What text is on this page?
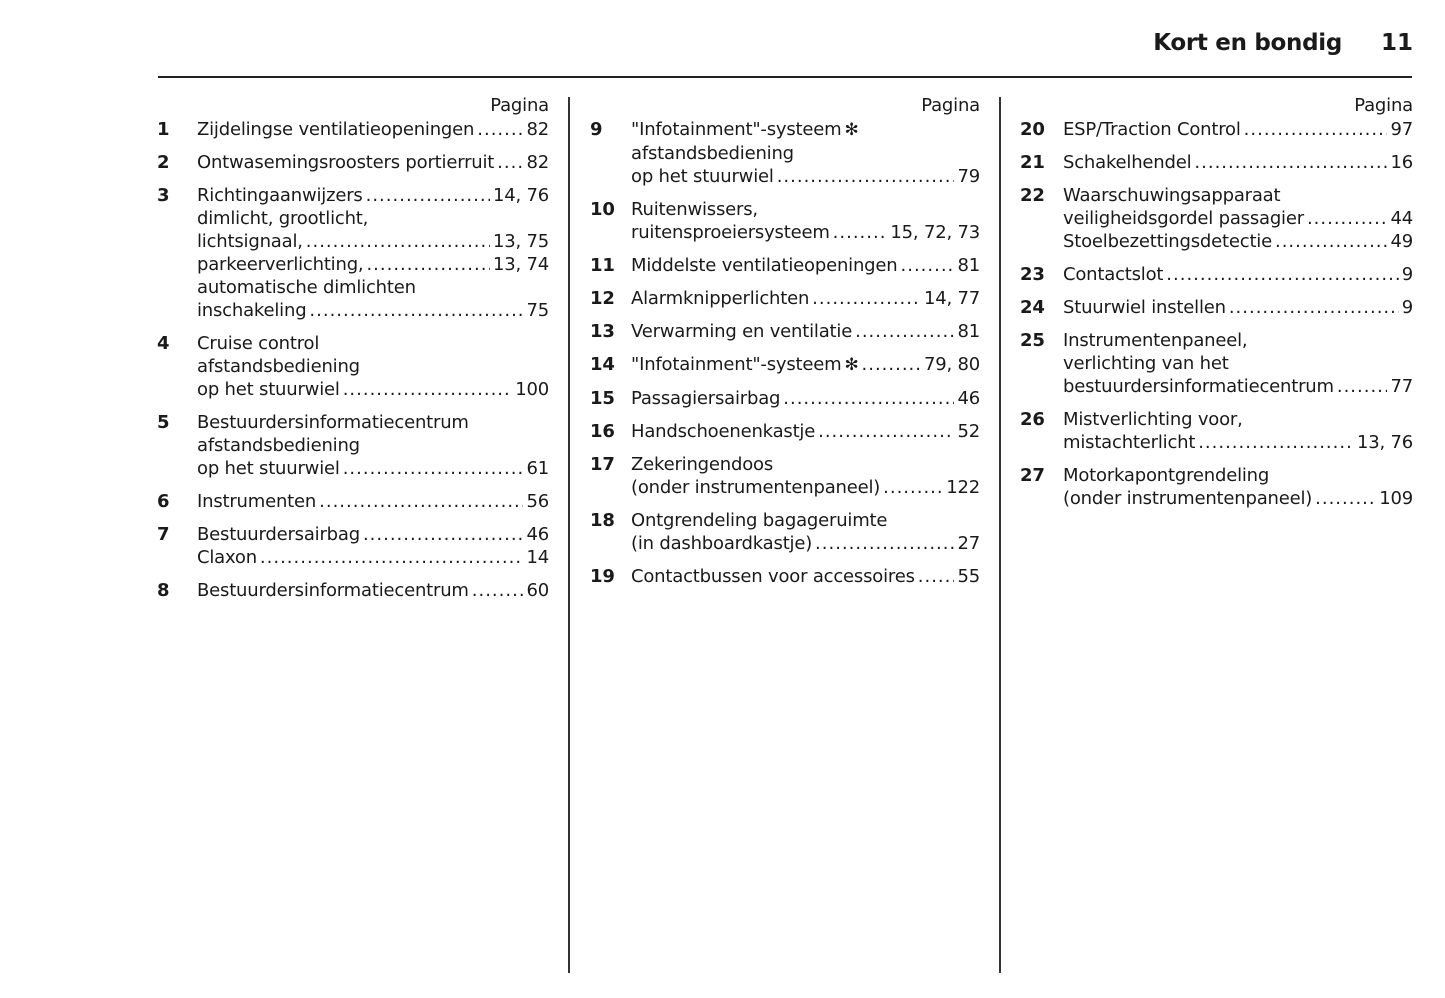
Kort en bondig 11
Pagina
1 Zijdelingse ventilatieopeningen .....	82
2 Ontwasemingsroosters portierruit ..... 82
3 Richtingaanwijzers .....	14, 76
dimlicht, grootlicht,
lichtsignaal, .....	13, 75
parkeerverlichting, .....	13, 74
automatische dimlichten
inschakeling .....	75
4 Cruise control
afstandsbediening
op het stuurwiel .....	100
5 Bestuurdersinformatiecentrum
afstandsbediening
op het stuurwiel .....	61
6 Instrumenten .....	56
7 Bestuurdersairbag .....	46
Claxon .....	14
8 Bestuurdersinformatiecentrum .....	60
Pagina
9 "Infotainment"-systeem ✻
afstandsbediening
op het stuurwiel .....	79
10 Ruitenwissers,
ruitensproeiersysteem .....	15, 72, 73
11 Middelste ventilatieopeningen .....	81
12 Alarmknipperlichten .....	14, 77
13 Verwarming en ventilatie .....	81
14 "Infotainment"-systeem ✻ .....	79, 80
15 Passagiersairbag .....	46
16 Handschoenenkastje .....	52
17 Zekeringendoos
(onder instrumentenpaneel) .....	122
18 Ontgrendeling bagageruimte
(in dashboardkastje) .....	27
19 Contactbussen voor accessoires ..... 55
Pagina
20 ESP/Traction Control .....	97
21 Schakelhendel .....	16
22 Waarschuwingsapparaat
veiligheidsgordel passagier .....	44
Stoelbezettingsdetectie .....	49
23 Contactslot .....	9
24 Stuurwiel instellen .....	9
25 Instrumentenpaneel,
verlichting van het
bestuurdersinformatiecentrum .....	77
26 Mistverlichting voor,
mistachterlicht .....	13, 76
27 Motorkapontgrendeling
(onder instrumentenpaneel) .....	109
